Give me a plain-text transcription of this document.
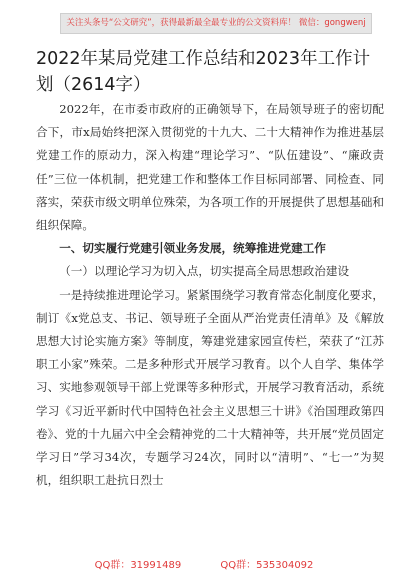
关注头条号“公文研究”，获得最新最全最专业的公文资料库！ 微信：gongwenj
2022年某局党建工作总结和2023年工作计划（2614字）

2022年，在市委市政府的正确领导下，在局领导班子的密切配合下，市x局始终把深入贯彻党的十九大、二十大精神作为推进基层党建工作的原动力，深入构建“理论学习”、“队伍建设”、“廉政责任”三位一体机制，把党建工作和整体工作目标同部署、同检查、同落实，荣获市级文明单位殊荣，为各项工作的开展提供了思想基础和组织保障。

一、切实履行党建引领业务发展，统筹推进党建工作

（一）以理论学习为切入点，切实提高全局思想政治建设

一是持续推进理论学习。紧紧围绕学习教育常态化制度化要求，制订《x党总支、书记、领导班子全面从严治党责任清单》及《解放思想大讨论实施方案》等制度，筹建党建家园宣传栏，荣获了“江苏职工小家”殊荣。二是多种形式开展学习教育。以个人自学、集体学习、实地参观领导干部上党课等多种形式，开展学习教育活动，系统学习《习近平新时代中国特色社会主义思想三十讲》《治国理政第四卷》、党的十九届六中全会精神党的二十大精神等，共开展“党员固定学习日”学习34次，专题学习24次，同时以“清明”、“七一”为契机，组织职工赴抗日烈士

QQ群：31991489	QQ群：535304092
